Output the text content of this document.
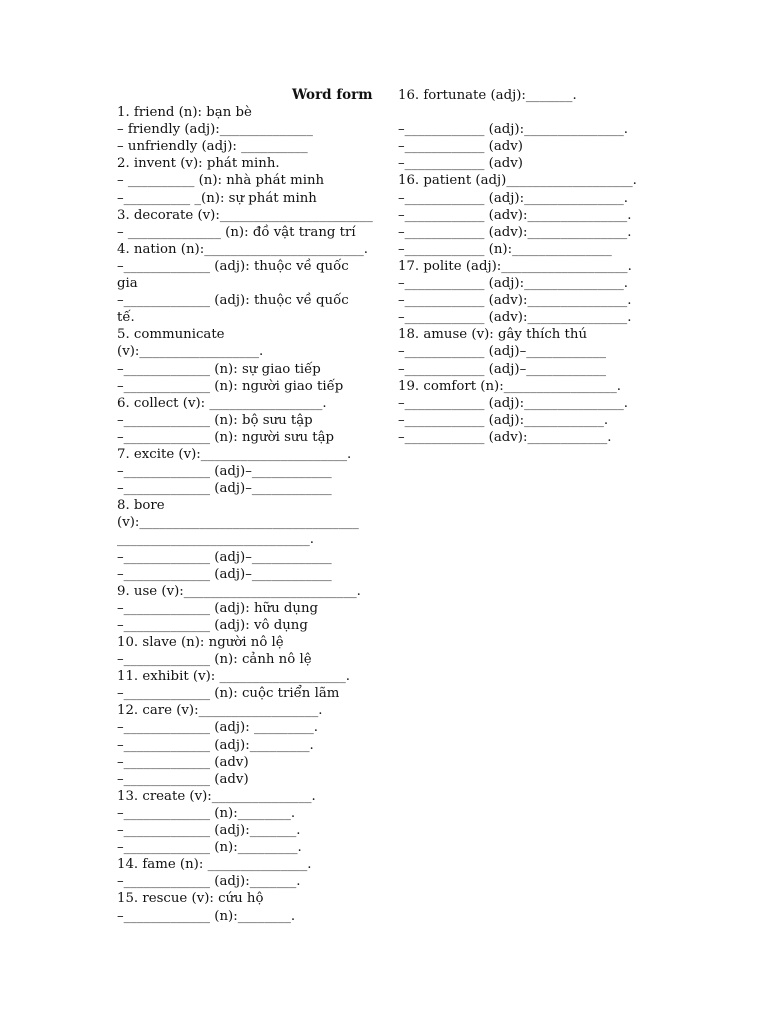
Word form

1. friend (n): bạn bè
– friendly (adj):______________
– unfriendly (adj): __________
2. invent (v): phát minh.
– __________ (n): nhà phát minh
–__________ _(n): sự phát minh
3. decorate (v):_______________________
– ______________ (n): đồ vật trang trí
4. nation (n):________________________.
–_____________ (adj): thuộc về quốc
gia
–_____________ (adj): thuộc về quốc
tế.
5. communicate
(v):__________________.
–_____________ (n): sự giao tiếp
–_____________ (n): người giao tiếp
6. collect (v): _________________.
–_____________ (n): bộ sưu tập
–_____________ (n): người sưu tập
7. excite (v):______________________.
–_____________ (adj)–____________
–_____________ (adj)–____________
8. bore
(v):_________________________________
_____________________________.
–_____________ (adj)–____________
–_____________ (adj)–____________
9. use (v):__________________________.
–_____________ (adj): hữu dụng
–_____________ (adj): vô dụng
10. slave (n): người nô lệ
–_____________ (n): cảnh nô lệ
11. exhibit (v): ___________________.
–_____________ (n): cuộc triển lãm
12. care (v):__________________.
–_____________ (adj): _________.
–_____________ (adj):_________.
–_____________ (adv)
–_____________ (adv)
13. create (v):_______________.
–_____________ (n):________.
–_____________ (adj):_______.
–_____________ (n):_________.
14. fame (n): _______________.
–_____________ (adj):_______.
15. rescue (v): cứu hộ
–_____________ (n):________.
16. fortunate (adj):_______.
–____________ (adj):_______________.
–____________ (adv)
–____________ (adv)
16. patient (adj)___________________.
–____________ (adj):_______________.
–____________ (adv):_______________.
–____________ (adv):_______________.
–____________ (n):_______________
17. polite (adj):___________________.
–____________ (adj):_______________.
–____________ (adv):_______________.
–____________ (adv):_______________.
18. amuse (v): gây thích thú
–____________ (adj)–____________
–____________ (adj)–____________
19. comfort (n):_________________.
–____________ (adj):_______________.
–____________ (adj):____________.
–____________ (adv):____________.
